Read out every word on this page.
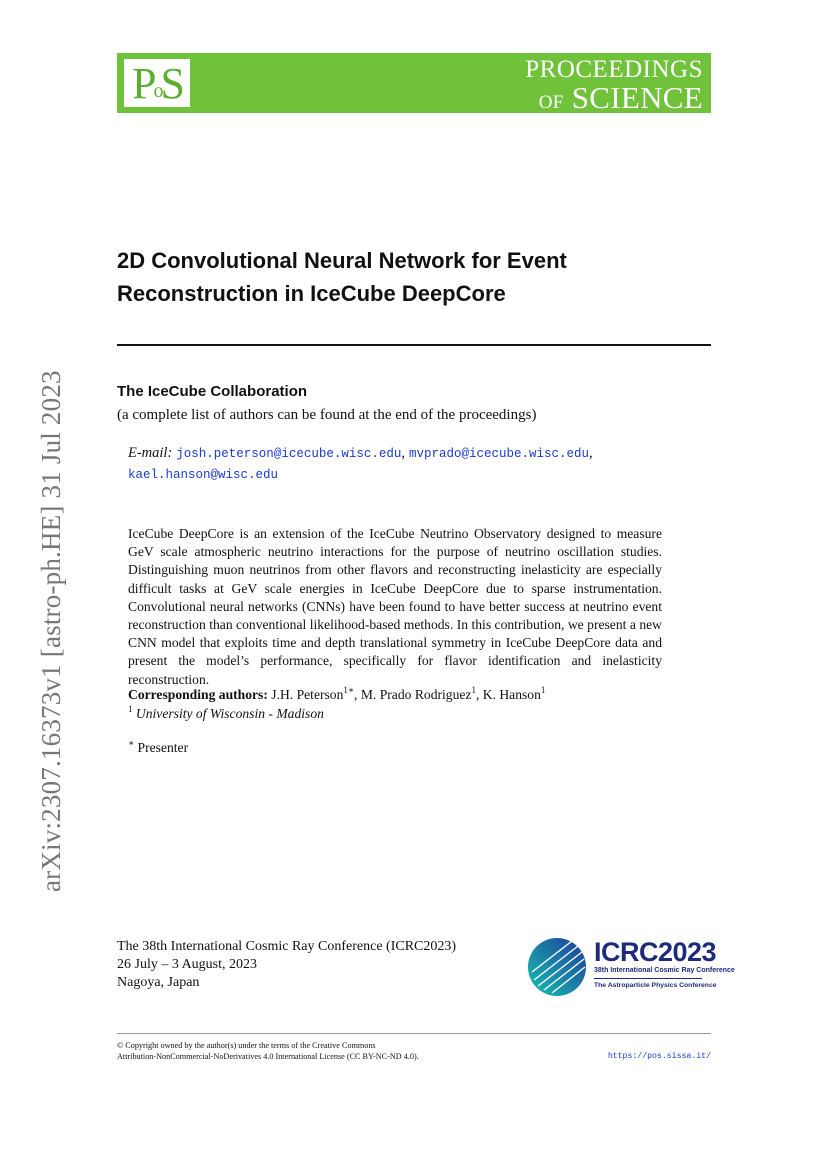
P o S	PROCEEDINGS
OF SCIENCE
2D Convolutional Neural Network for Event
Reconstruction in IceCube DeepCore
The IceCube Collaboration
(a complete list of authors can be found at the end of the proceedings)
E-mail: josh.peterson@icecube.wisc.edu, mvprado@icecube.wisc.edu,
kael.hanson@wisc.edu
IceCube DeepCore is an extension of the IceCube Neutrino Observatory designed to measure GeV scale atmospheric neutrino interactions for the purpose of neutrino oscillation studies. Distinguishing muon neutrinos from other flavors and reconstructing inelasticity are especially difficult tasks at GeV scale energies in IceCube DeepCore due to sparse instrumentation. Convolutional neural networks (CNNs) have been found to have better success at neutrino event reconstruction than conventional likelihood-based methods. In this contribution, we present a new CNN model that exploits time and depth translational symmetry in IceCube DeepCore data and present the model’s performance, specifically for flavor identification and inelasticity reconstruction.
Corresponding authors: J.H. Peterson$^{1∗}$, M. Prado Rodriguez$^1$, K. Hanson$^1$
$^1$ University of Wisconsin - Madison
∗ Presenter
arXiv:2307.16373v1 [astro-ph.HE] 31 Jul 2023
The 38th International Cosmic Ray Conference (ICRC2023)
26 July – 3 August, 2023
Nagoya, Japan
ICRC2023
38th International Cosmic Ray Conference
The Astroparticle Physics Conference
© Copyright owned by the author(s) under the terms of the Creative Commons
Attribution-NonCommercial-NoDerivatives 4.0 International License (CC BY-NC-ND 4.0).	https://pos.sissa.it/
